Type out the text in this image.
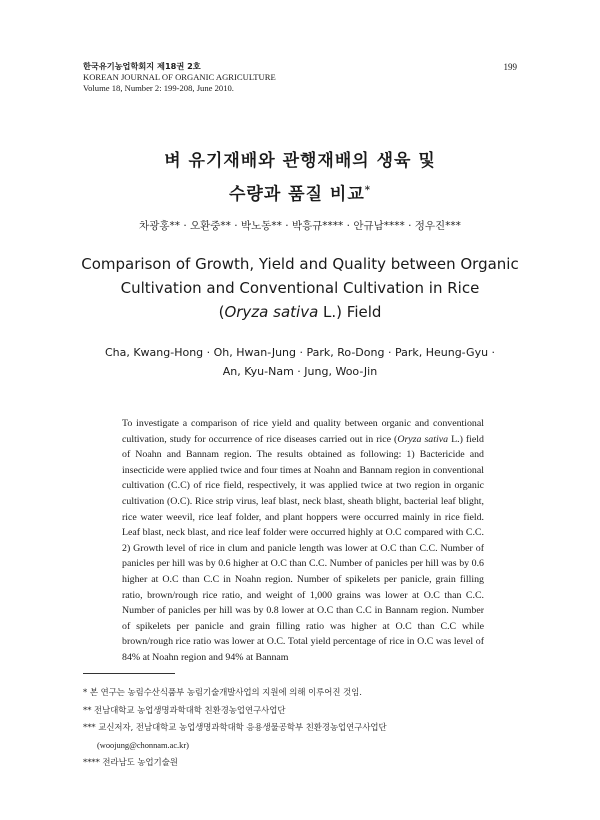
한국유기농업학회지 제18권 2호
KOREAN JOURNAL OF ORGANIC AGRICULTURE
Volume 18, Number 2: 199-208, June 2010.
199
벼 유기재배와 관행재배의 생육 및
수량과 품질 비교*
차광홍** · 오환중** · 박노동** · 박흥규**** · 안규남**** · 정우진***
Comparison of Growth, Yield and Quality between Organic
Cultivation and Conventional Cultivation in Rice
(Oryza sativa L.) Field
Cha, Kwang-Hong · Oh, Hwan-Jung · Park, Ro-Dong · Park, Heung-Gyu ·
An, Kyu-Nam · Jung, Woo-Jin
To investigate a comparison of rice yield and quality between organic and conventional cultivation, study for occurrence of rice diseases carried out in rice (Oryza sativa L.) field of Noahn and Bannam region. The results obtained as following: 1) Bactericide and insecticide were applied twice and four times at Noahn and Bannam region in conventional cultivation (C.C) of rice field, respectively, it was applied twice at two region in organic cultivation (O.C). Rice strip virus, leaf blast, neck blast, sheath blight, bacterial leaf blight, rice water weevil, rice leaf folder, and plant hoppers were occurred mainly in rice field. Leaf blast, neck blast, and rice leaf folder were occurred highly at O.C compared with C.C. 2) Growth level of rice in clum and panicle length was lower at O.C than C.C. Number of panicles per hill was by 0.6 higher at O.C than C.C. Number of panicles per hill was by 0.6 higher at O.C than C.C in Noahn region. Number of spikelets per panicle, grain filling ratio, brown/rough rice ratio, and weight of 1,000 grains was lower at O.C than C.C. Number of panicles per hill was by 0.8 lower at O.C than C.C in Bannam region. Number of spikelets per panicle and grain filling ratio was higher at O.C than C.C while brown/rough rice ratio was lower at O.C. Total yield percentage of rice in O.C was level of 84% at Noahn region and 94% at Bannam
* 본 연구는 농림수산식품부 농림기술개발사업의 지원에 의해 이루어진 것임.
** 전남대학교 농업생명과학대학 친환경농업연구사업단
*** 교신저자, 전남대학교 농업생명과학대학 응용생물공학부 친환경농업연구사업단
(woojung@chonnam.ac.kr)
**** 전라남도 농업기술원
